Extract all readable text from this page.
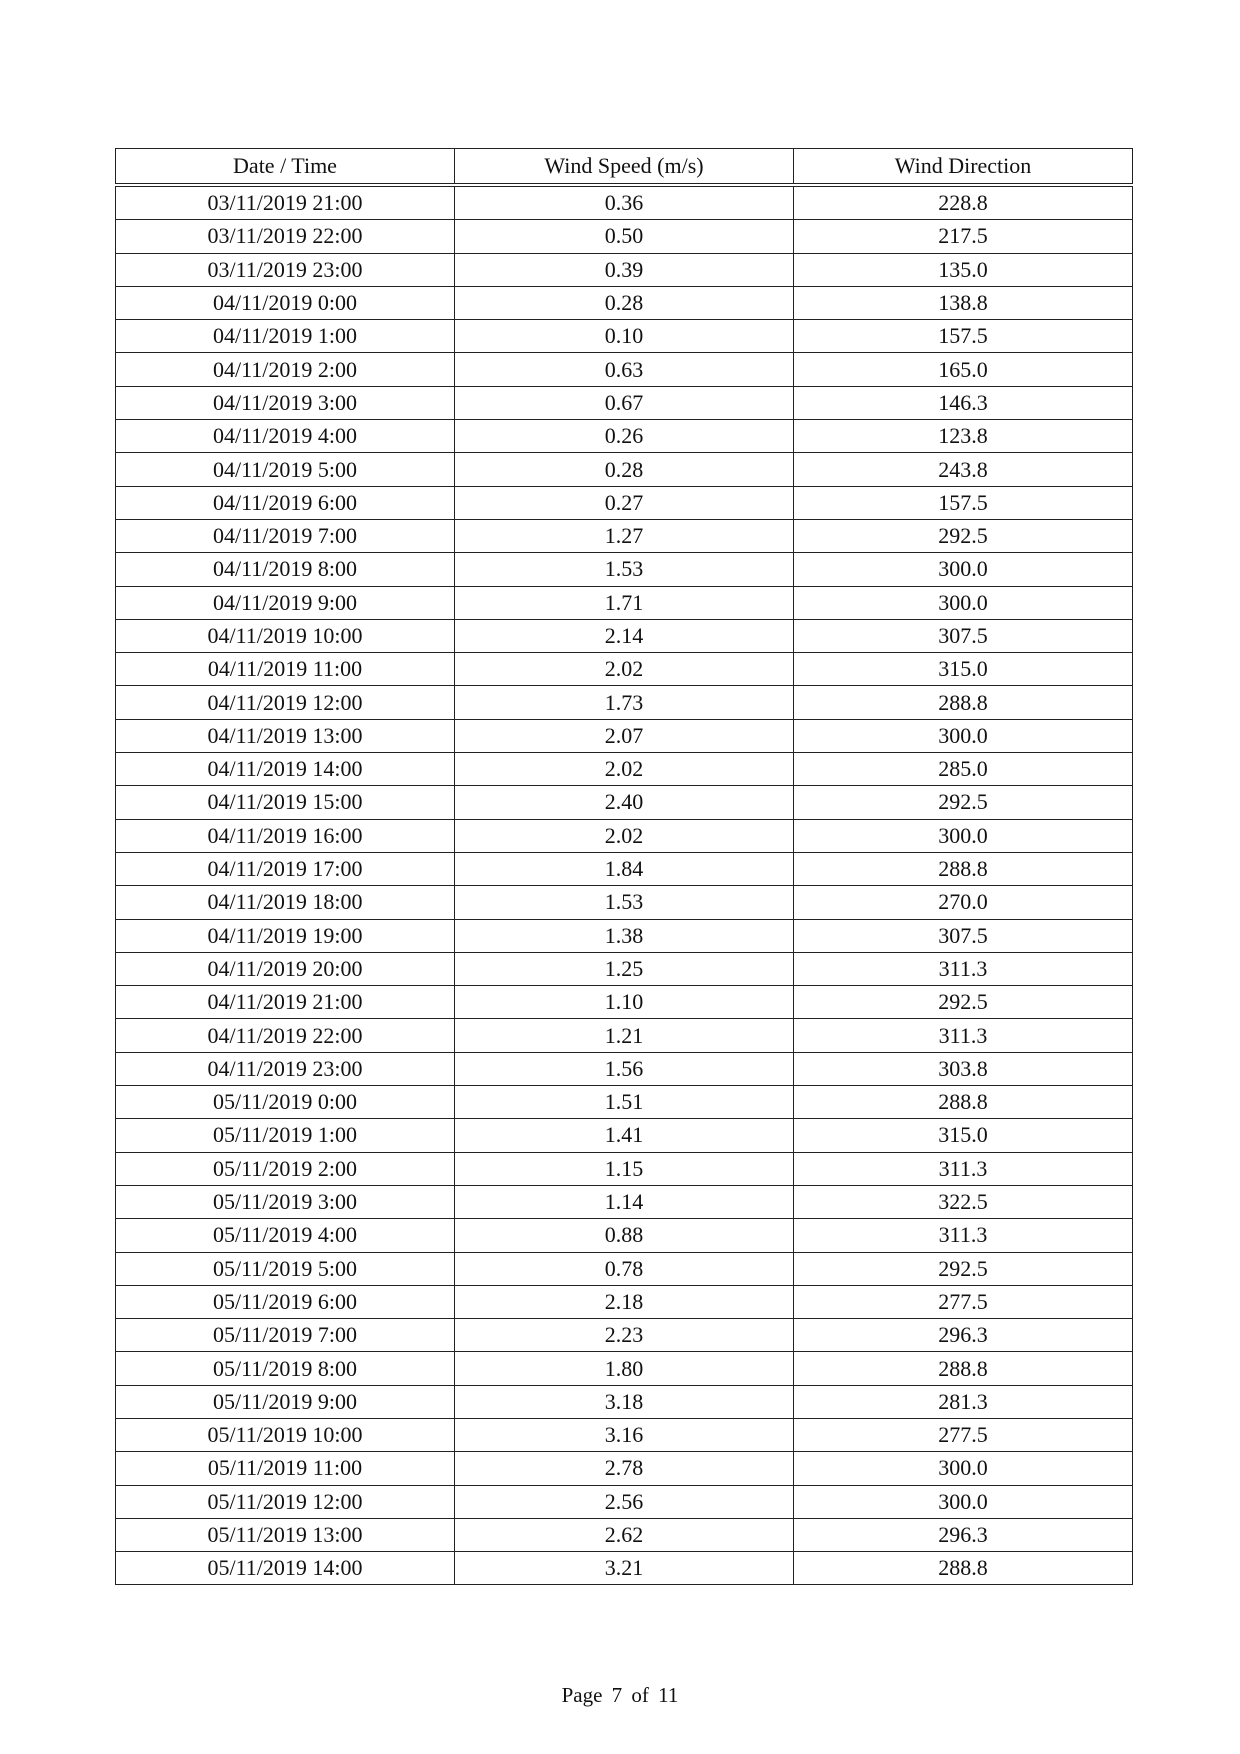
Date / Time	Wind Speed (m/s)	Wind Direction
03/11/2019 21:00	0.36	228.8
03/11/2019 22:00	0.50	217.5
03/11/2019 23:00	0.39	135.0
04/11/2019 0:00	0.28	138.8
04/11/2019 1:00	0.10	157.5
04/11/2019 2:00	0.63	165.0
04/11/2019 3:00	0.67	146.3
04/11/2019 4:00	0.26	123.8
04/11/2019 5:00	0.28	243.8
04/11/2019 6:00	0.27	157.5
04/11/2019 7:00	1.27	292.5
04/11/2019 8:00	1.53	300.0
04/11/2019 9:00	1.71	300.0
04/11/2019 10:00	2.14	307.5
04/11/2019 11:00	2.02	315.0
04/11/2019 12:00	1.73	288.8
04/11/2019 13:00	2.07	300.0
04/11/2019 14:00	2.02	285.0
04/11/2019 15:00	2.40	292.5
04/11/2019 16:00	2.02	300.0
04/11/2019 17:00	1.84	288.8
04/11/2019 18:00	1.53	270.0
04/11/2019 19:00	1.38	307.5
04/11/2019 20:00	1.25	311.3
04/11/2019 21:00	1.10	292.5
04/11/2019 22:00	1.21	311.3
04/11/2019 23:00	1.56	303.8
05/11/2019 0:00	1.51	288.8
05/11/2019 1:00	1.41	315.0
05/11/2019 2:00	1.15	311.3
05/11/2019 3:00	1.14	322.5
05/11/2019 4:00	0.88	311.3
05/11/2019 5:00	0.78	292.5
05/11/2019 6:00	2.18	277.5
05/11/2019 7:00	2.23	296.3
05/11/2019 8:00	1.80	288.8
05/11/2019 9:00	3.18	281.3
05/11/2019 10:00	3.16	277.5
05/11/2019 11:00	2.78	300.0
05/11/2019 12:00	2.56	300.0
05/11/2019 13:00	2.62	296.3
05/11/2019 14:00	3.21	288.8
Page 7 of 11
